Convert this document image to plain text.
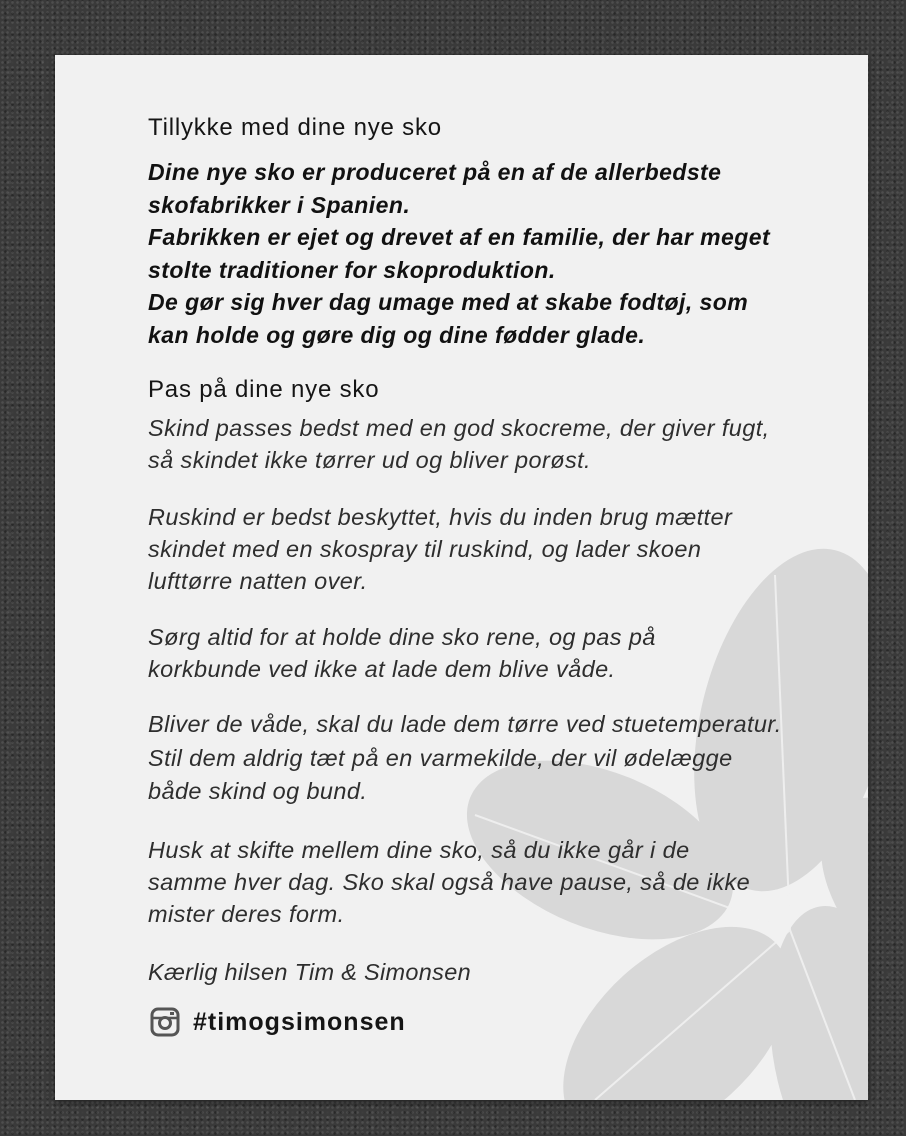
Tillykke med dine nye sko
Dine nye sko er produceret på en af de allerbedste
skofabrikker i Spanien.
Fabrikken er ejet og drevet af en familie, der har meget
stolte traditioner for skoproduktion.
De gør sig hver dag umage med at skabe fodtøj, som
kan holde og gøre dig og dine fødder glade.
Pas på dine nye sko
Skind passes bedst med en god skocreme, der giver fugt,
så skindet ikke tørrer ud og bliver porøst.
Ruskind er bedst beskyttet, hvis du inden brug mætter
skindet med en skospray til ruskind, og lader skoen
lufttørre natten over.
Sørg altid for at holde dine sko rene, og pas på
korkbunde ved ikke at lade dem blive våde.
Bliver de våde, skal du lade dem tørre ved stuetemperatur.
Stil dem aldrig tæt på en varmekilde, der vil ødelægge
både skind og bund.
Husk at skifte mellem dine sko, så du ikke går i de
samme hver dag. Sko skal også have pause, så de ikke
mister deres form.
Kærlig hilsen Tim & Simonsen
#timogsimonsen
